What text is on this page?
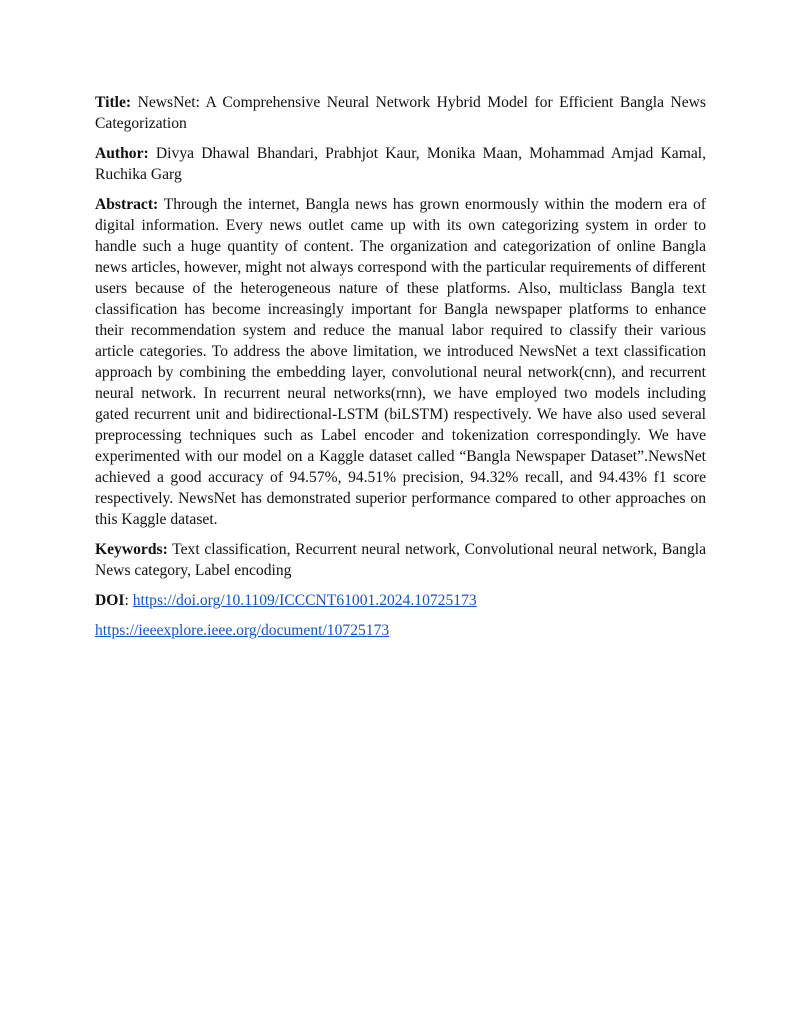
Title: NewsNet: A Comprehensive Neural Network Hybrid Model for Efficient Bangla News Categorization

Author: Divya Dhawal Bhandari, Prabhjot Kaur, Monika Maan, Mohammad Amjad Kamal, Ruchika Garg

Abstract: Through the internet, Bangla news has grown enormously within the modern era of digital information. Every news outlet came up with its own categorizing system in order to handle such a huge quantity of content. The organization and categorization of online Bangla news articles, however, might not always correspond with the particular requirements of different users because of the heterogeneous nature of these platforms. Also, multiclass Bangla text classification has become increasingly important for Bangla newspaper platforms to enhance their recommendation system and reduce the manual labor required to classify their various article categories. To address the above limitation, we introduced NewsNet a text classification approach by combining the embedding layer, convolutional neural network(cnn), and recurrent neural network. In recurrent neural networks(rnn), we have employed two models including gated recurrent unit and bidirectional-LSTM (biLSTM) respectively. We have also used several preprocessing techniques such as Label encoder and tokenization correspondingly. We have experimented with our model on a Kaggle dataset called “Bangla Newspaper Dataset”.NewsNet achieved a good accuracy of 94.57%, 94.51% precision, 94.32% recall, and 94.43% f1 score respectively. NewsNet has demonstrated superior performance compared to other approaches on this Kaggle dataset.

Keywords: Text classification, Recurrent neural network, Convolutional neural network, Bangla News category, Label encoding

DOI: https://doi.org/10.1109/ICCCNT61001.2024.10725173

https://ieeexplore.ieee.org/document/10725173
